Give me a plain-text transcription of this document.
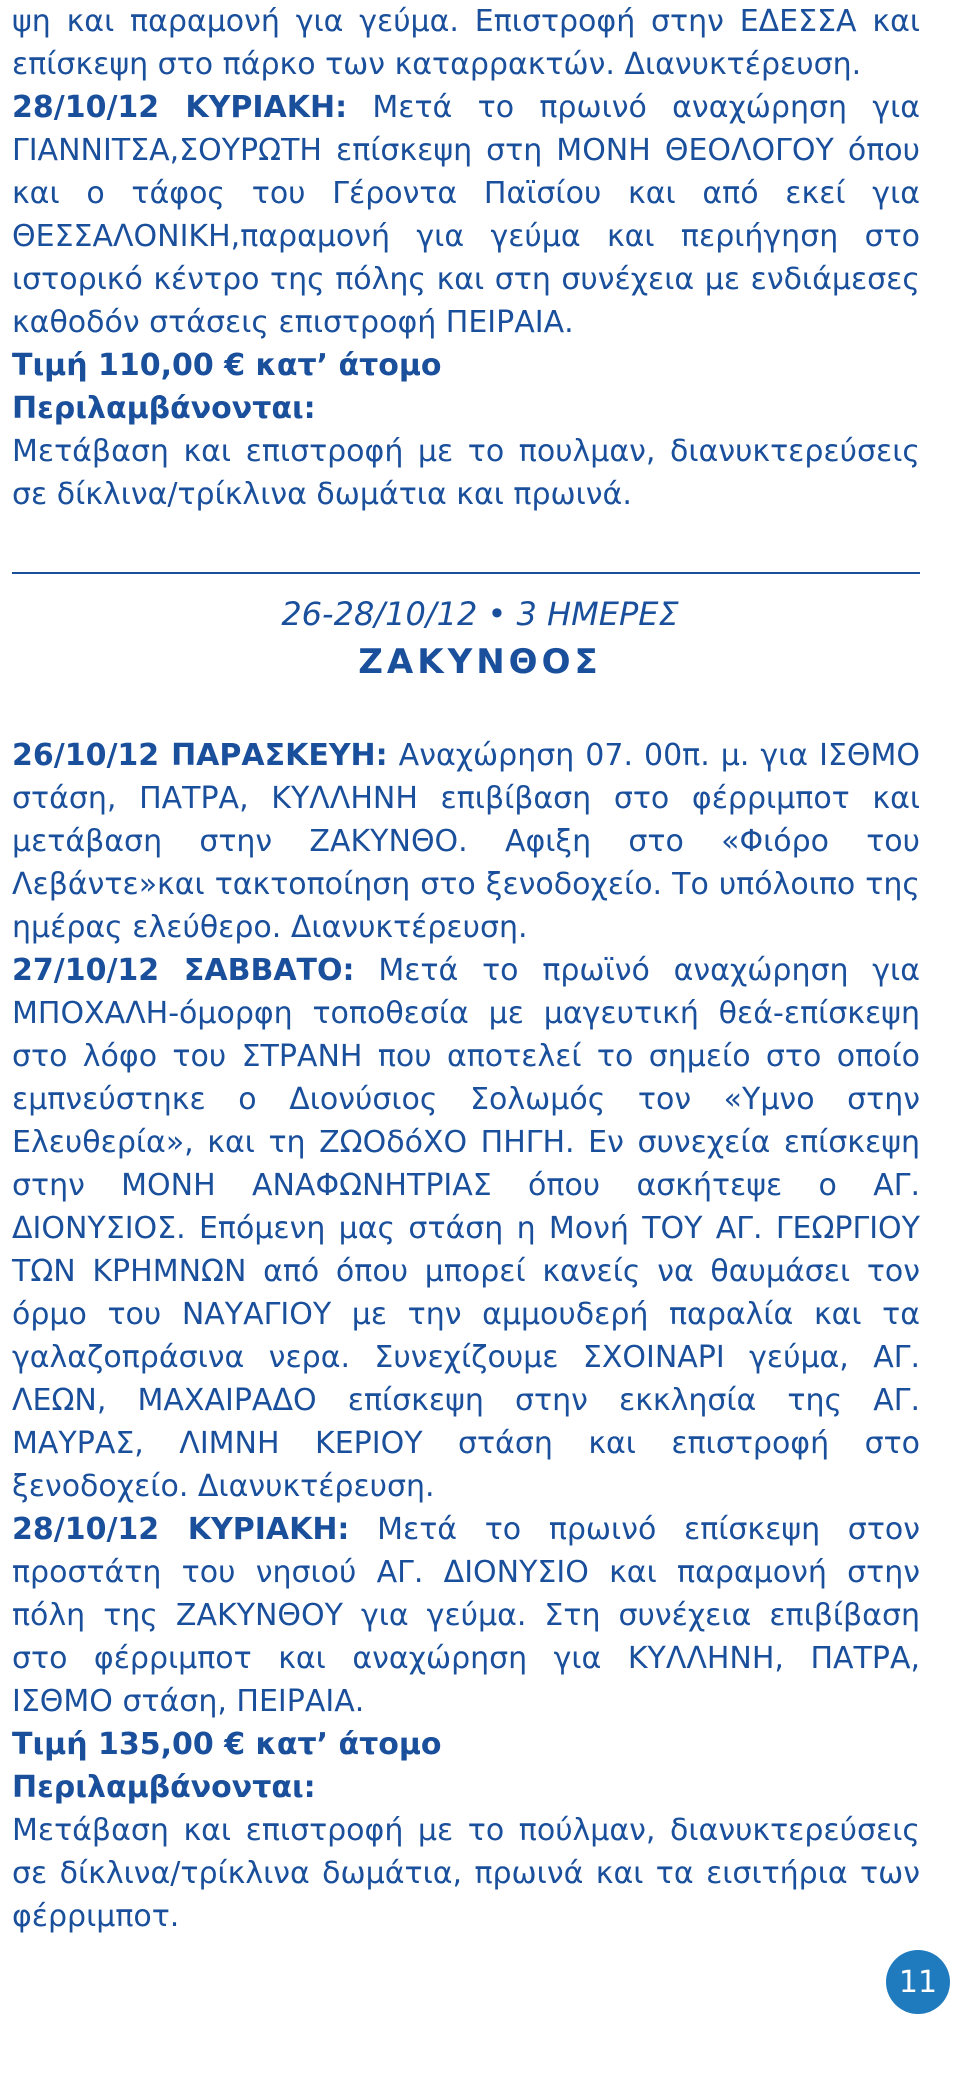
ψη και παραμονή για γεύμα. Επιστροφή στην ΕΔΕΣΣΑ και επίσκεψη στο πάρκο των καταρρακτών. Διανυκτέρευση.

28/10/12 ΚΥΡΙΑΚΗ: Μετά το πρωινό αναχώρηση για ΓΙΑΝΝΙΤΣΑ,ΣΟΥΡΩΤΗ επίσκεψη στη ΜΟΝΗ ΘΕΟΛΟΓΟΥ όπου και ο τάφος του Γέροντα Παϊσίου και από εκεί για ΘΕΣΣΑΛΟΝΙΚΗ,παραμονή για γεύμα και περιήγηση στο ιστορικό κέντρο της πόλης και στη συνέχεια με ενδιάμεσες καθοδόν στάσεις επιστροφή ΠΕΙΡΑΙΑ.

Τιμή 110,00 € κατ’ άτομο

Περιλαμβάνονται:

Μετάβαση και επιστροφή με το πουλμαν, διανυκτερεύσεις σε δίκλινα/τρίκλινα δωμάτια και πρωινά.

26-28/10/12 • 3 ΗΜΕΡΕΣ
ΖΑΚΥΝΘΟΣ

26/10/12 ΠΑΡΑΣΚΕΥΗ: Αναχώρηση 07. 00π. μ. για ΙΣΘΜΟ στάση, ΠΑΤΡΑ, ΚΥΛΛΗΝΗ επιβίβαση στο φέρριμποτ και μετάβαση στην ΖΑΚΥΝΘΟ. Αφιξη στο «Φιόρο του Λεβάντε»και τακτοποίηση στο ξενοδοχείο. Το υπόλοιπο της ημέρας ελεύθερο. Διανυκτέρευση.

27/10/12 ΣΑΒΒΑΤΟ: Μετά το πρωϊνό αναχώρηση για ΜΠΟΧΑΛΗ-όμορφη τοποθεσία με μαγευτική θεά-επίσκεψη στο λόφο του ΣΤΡΑΝΗ που αποτελεί το σημείο στο οποίο εμπνεύστηκε ο Διονύσιος Σολωμός τον «Υμνο στην Ελευθερία», και τη ΖΩΟδόΧΟ ΠΗΓΗ. Εν συνεχεία επίσκεψη στην ΜΟΝΗ ΑΝΑΦΩΝΗΤΡΙΑΣ όπου ασκήτεψε ο ΑΓ. ΔΙΟΝΥΣΙΟΣ. Επόμενη μας στάση η Μονή ΤΟΥ ΑΓ. ΓΕΩΡΓΙΟΥ ΤΩΝ ΚΡΗΜΝΩΝ από όπου μπορεί κανείς να θαυμάσει τον όρμο του ΝΑΥΑΓΙΟΥ με την αμμουδερή παραλία και τα γαλαζοπράσινα νερα. Συνεχίζουμε ΣΧΟΙΝΑΡΙ γεύμα, ΑΓ. ΛΕΩΝ, ΜΑΧΑΙΡΑΔΟ επίσκεψη στην εκκλησία της ΑΓ. ΜΑΥΡΑΣ, ΛΙΜΝΗ ΚΕΡΙΟΥ στάση και επιστροφή στο ξενοδοχείο. Διανυκτέρευση.

28/10/12 ΚΥΡΙΑΚΗ: Μετά το πρωινό επίσκεψη στον προστάτη του νησιού ΑΓ. ΔΙΟΝΥΣΙΟ και παραμονή στην πόλη της ΖΑΚΥΝΘΟΥ για γεύμα. Στη συνέχεια επιβίβαση στο φέρριμποτ και αναχώρηση για ΚΥΛΛΗΝΗ, ΠΑΤΡΑ, ΙΣΘΜΟ στάση, ΠΕΙΡΑΙΑ.

Τιμή 135,00 € κατ’ άτομο

Περιλαμβάνονται:

Μετάβαση και επιστροφή με το πούλμαν, διανυκτερεύσεις σε δίκλινα/τρίκλινα δωμάτια, πρωινά και τα εισιτήρια των φέρριμποτ.

11
